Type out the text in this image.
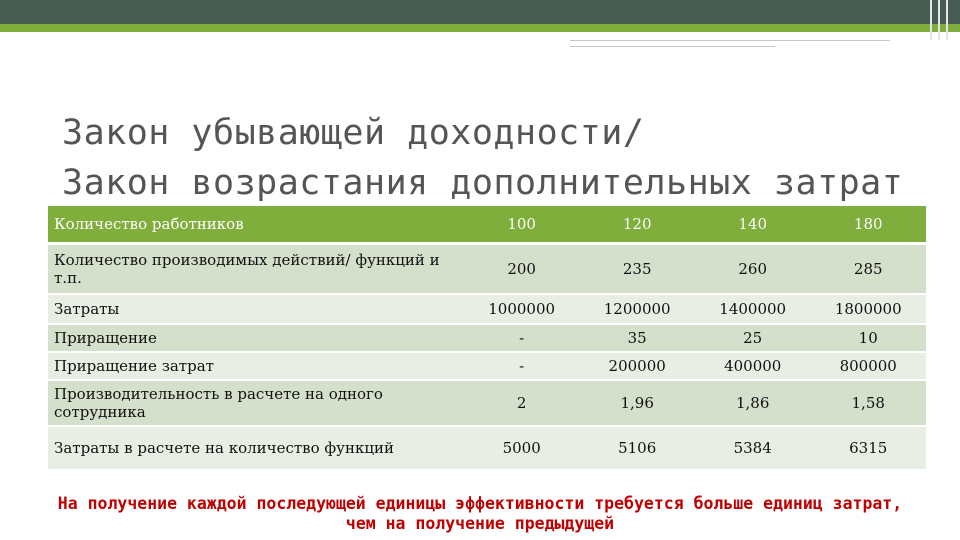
Закон убывающей доходности/
Закон возрастания дополнительных затрат
Количество работников	100	120	140	180
Количество производимых действий/ функций и т.п.	200	235	260	285
Затраты	1000000	1200000	1400000	1800000
Приращение	-	35	25	10
Приращение затрат	-	200000	400000	800000
Производительность в расчете на одного сотрудника	2	1,96	1,86	1,58
Затраты в расчете на количество функций	5000	5106	5384	6315
На получение каждой последующей единицы эффективности требуется больше единиц затрат, чем на получение предыдущей
